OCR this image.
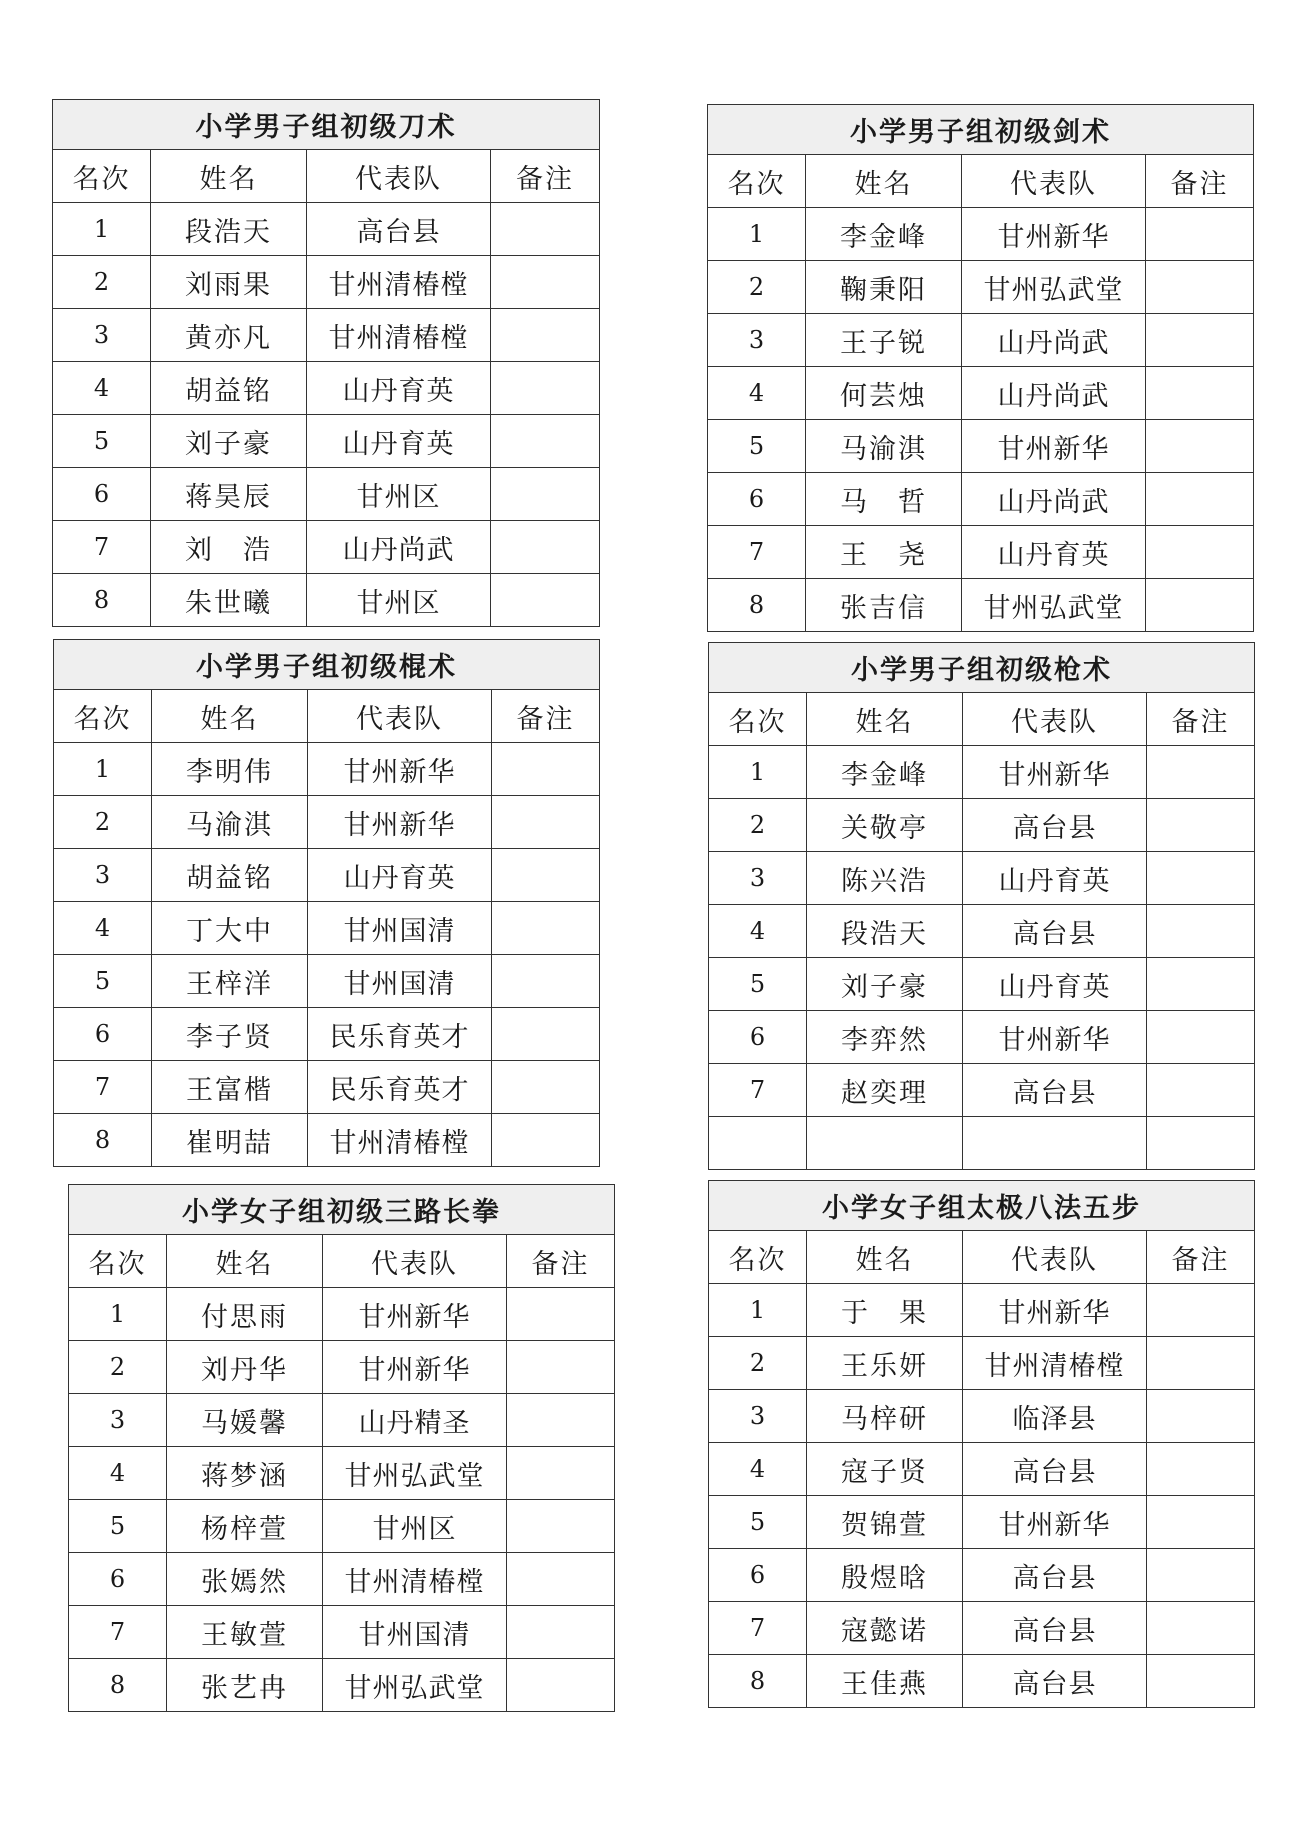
小学男子组初级刀术			
名次	姓名	代表队	备注
1	段浩天	高台县	
2	刘雨果	甘州清椿樘	
3	黄亦凡	甘州清椿樘	
4	胡益铭	山丹育英	
5	刘子豪	山丹育英	
6	蒋昊辰	甘州区	
7	刘　浩	山丹尚武	
8	朱世曦	甘州区	
小学男子组初级剑术			
名次	姓名	代表队	备注
1	李金峰	甘州新华	
2	鞠秉阳	甘州弘武堂	
3	王子锐	山丹尚武	
4	何芸烛	山丹尚武	
5	马渝淇	甘州新华	
6	马　哲	山丹尚武	
7	王　尧	山丹育英	
8	张吉信	甘州弘武堂	
小学男子组初级棍术			
名次	姓名	代表队	备注
1	李明伟	甘州新华	
2	马渝淇	甘州新华	
3	胡益铭	山丹育英	
4	丁大中	甘州国清	
5	王梓洋	甘州国清	
6	李子贤	民乐育英才	
7	王富楷	民乐育英才	
8	崔明喆	甘州清椿樘	
小学男子组初级枪术			
名次	姓名	代表队	备注
1	李金峰	甘州新华	
2	关敬亭	高台县	
3	陈兴浩	山丹育英	
4	段浩天	高台县	
5	刘子豪	山丹育英	
6	李弈然	甘州新华	
7	赵奕理	高台县	

小学女子组初级三路长拳			
名次	姓名	代表队	备注
1	付思雨	甘州新华	
2	刘丹华	甘州新华	
3	马媛馨	山丹精圣	
4	蒋梦涵	甘州弘武堂	
5	杨梓萱	甘州区	
6	张嫣然	甘州清椿樘	
7	王敏萱	甘州国清	
8	张艺冉	甘州弘武堂	
小学女子组太极八法五步			
名次	姓名	代表队	备注
1	于　果	甘州新华	
2	王乐妍	甘州清椿樘	
3	马梓研	临泽县	
4	寇子贤	高台县	
5	贺锦萱	甘州新华	
6	殷煜晗	高台县	
7	寇懿诺	高台县	
8	王佳燕	高台县	
